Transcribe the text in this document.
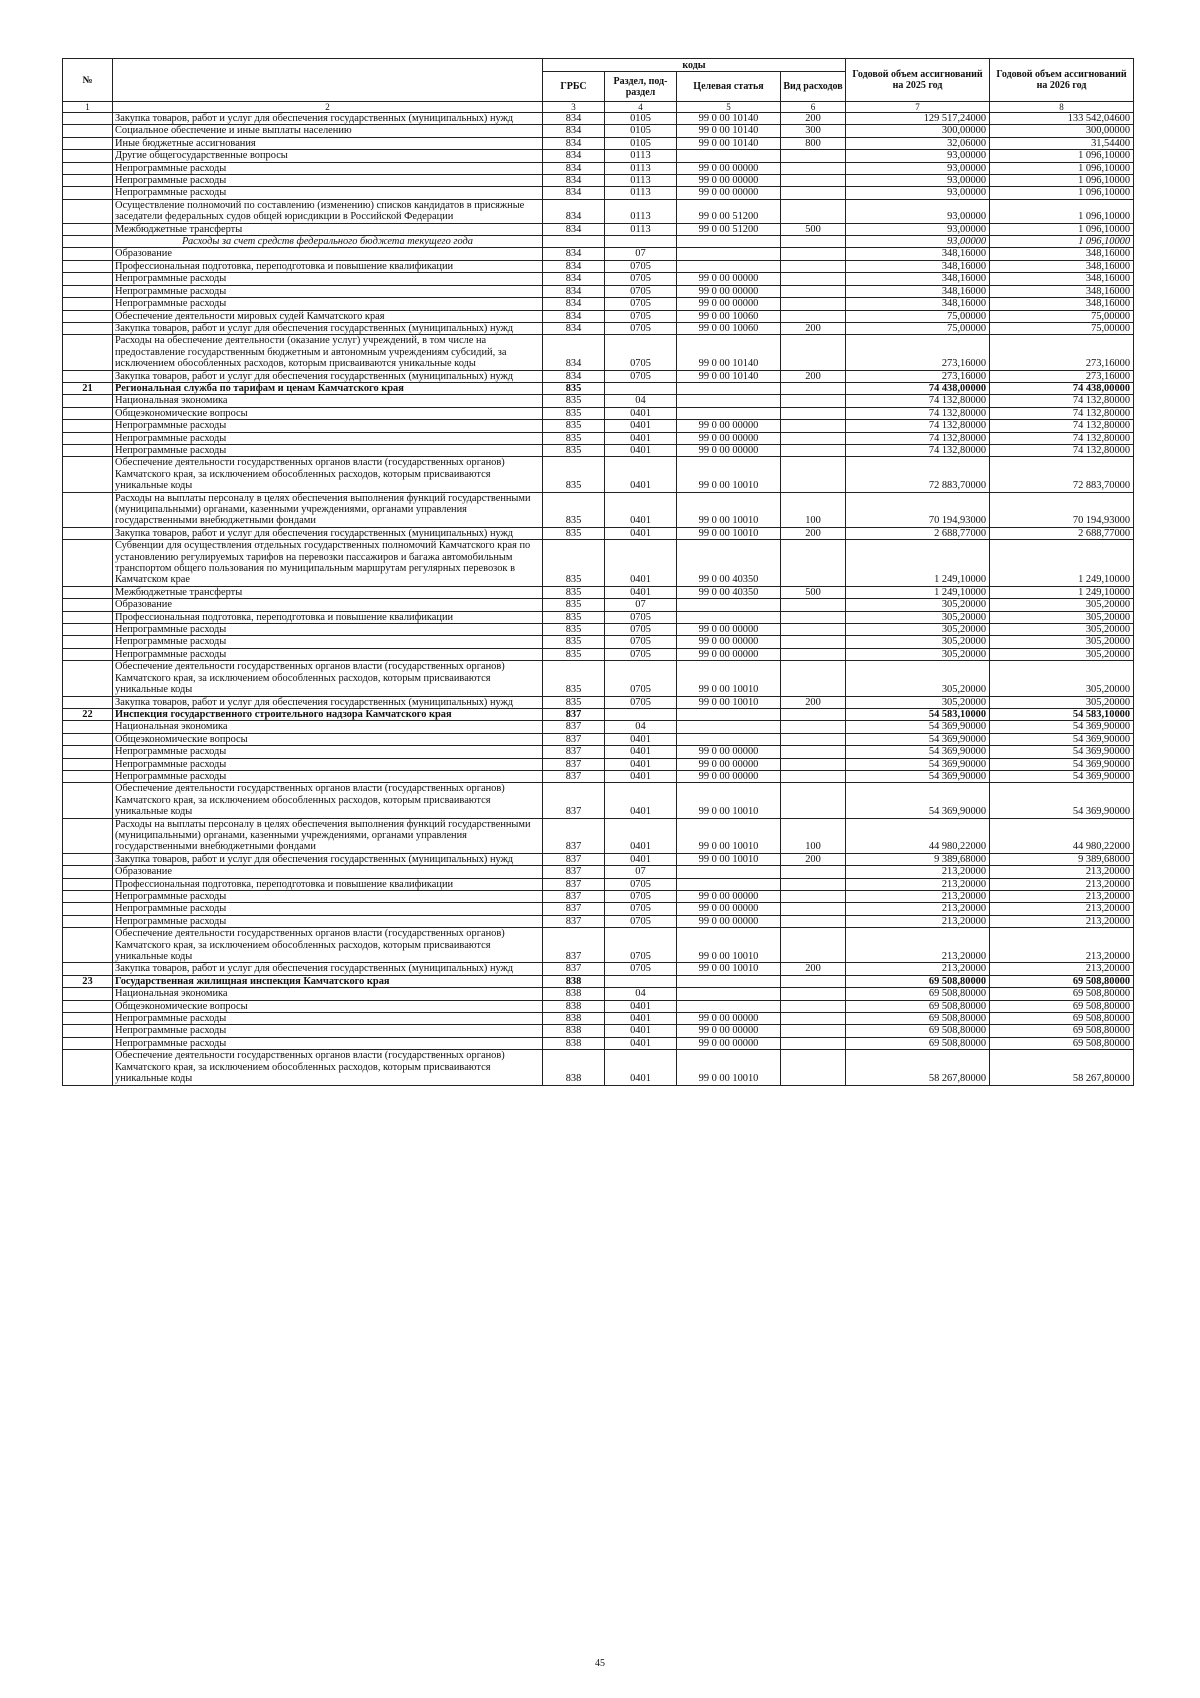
№		коды				Годовой объем ассигнований на 2025 год	Годовой объем ассигнований на 2026 год
		ГРБС	Раздел, под-раздел	Целевая статья	Вид расходов		
1	2	3	4	5	6	7	8
	Закупка товаров, работ и услуг для обеспечения государственных (муниципальных) нужд	834	0105	99 0 00 10140	200	129 517,24000	133 542,04600
	Социальное обеспечение и иные выплаты населению	834	0105	99 0 00 10140	300	300,00000	300,00000
	Иные бюджетные ассигнования	834	0105	99 0 00 10140	800	32,06000	31,54400
	Другие общегосударственные вопросы	834	0113			93,00000	1 096,10000
	Непрограммные расходы	834	0113	99 0 00 00000		93,00000	1 096,10000
	Непрограммные расходы	834	0113	99 0 00 00000		93,00000	1 096,10000
	Непрограммные расходы	834	0113	99 0 00 00000		93,00000	1 096,10000
	Осуществление полномочий по составлению (изменению) списков кандидатов в присяжные заседатели федеральных судов общей юрисдикции в Российской Федерации	834	0113	99 0 00 51200		93,00000	1 096,10000
	Межбюджетные трансферты	834	0113	99 0 00 51200	500	93,00000	1 096,10000
	Расходы за счет средств федерального бюджета текущего года					93,00000	1 096,10000
	Образование	834	07			348,16000	348,16000
	Профессиональная подготовка, переподготовка и повышение квалификации	834	0705			348,16000	348,16000
	Непрограммные расходы	834	0705	99 0 00 00000		348,16000	348,16000
	Непрограммные расходы	834	0705	99 0 00 00000		348,16000	348,16000
	Непрограммные расходы	834	0705	99 0 00 00000		348,16000	348,16000
	Обеспечение деятельности мировых судей Камчатского края	834	0705	99 0 00 10060		75,00000	75,00000
	Закупка товаров, работ и услуг для обеспечения государственных (муниципальных) нужд	834	0705	99 0 00 10060	200	75,00000	75,00000
	Расходы на обеспечение деятельности (оказание услуг) учреждений, в том числе на предоставление государственным бюджетным и автономным учреждениям субсидий, за исключением обособленных расходов, которым присваиваются уникальные коды	834	0705	99 0 00 10140		273,16000	273,16000
	Закупка товаров, работ и услуг для обеспечения государственных (муниципальных) нужд	834	0705	99 0 00 10140	200	273,16000	273,16000
21	Региональная служба по тарифам и ценам Камчатского края	835				74 438,00000	74 438,00000
	Национальная экономика	835	04			74 132,80000	74 132,80000
	Общеэкономические вопросы	835	0401			74 132,80000	74 132,80000
	Непрограммные расходы	835	0401	99 0 00 00000		74 132,80000	74 132,80000
	Непрограммные расходы	835	0401	99 0 00 00000		74 132,80000	74 132,80000
	Непрограммные расходы	835	0401	99 0 00 00000		74 132,80000	74 132,80000
	Обеспечение деятельности государственных органов власти (государственных органов) Камчатского края, за исключением обособленных расходов, которым присваиваются уникальные коды	835	0401	99 0 00 10010		72 883,70000	72 883,70000
	Расходы на выплаты персоналу в целях обеспечения выполнения функций государственными (муниципальными) органами, казенными учреждениями, органами управления государственными внебюджетными фондами	835	0401	99 0 00 10010	100	70 194,93000	70 194,93000
	Закупка товаров, работ и услуг для обеспечения государственных (муниципальных) нужд	835	0401	99 0 00 10010	200	2 688,77000	2 688,77000
	Субвенции для осуществления отдельных государственных полномочий Камчатского края по установлению регулируемых тарифов на перевозки пассажиров и багажа автомобильным транспортом общего пользования по муниципальным маршрутам регулярных перевозок в Камчатском крае	835	0401	99 0 00 40350		1 249,10000	1 249,10000
	Межбюджетные трансферты	835	0401	99 0 00 40350	500	1 249,10000	1 249,10000
	Образование	835	07			305,20000	305,20000
	Профессиональная подготовка, переподготовка и повышение квалификации	835	0705			305,20000	305,20000
	Непрограммные расходы	835	0705	99 0 00 00000		305,20000	305,20000
	Непрограммные расходы	835	0705	99 0 00 00000		305,20000	305,20000
	Непрограммные расходы	835	0705	99 0 00 00000		305,20000	305,20000
	Обеспечение деятельности государственных органов власти (государственных органов) Камчатского края, за исключением обособленных расходов, которым присваиваются уникальные коды	835	0705	99 0 00 10010		305,20000	305,20000
	Закупка товаров, работ и услуг для обеспечения государственных (муниципальных) нужд	835	0705	99 0 00 10010	200	305,20000	305,20000
22	Инспекция государственного строительного надзора Камчатского края	837				54 583,10000	54 583,10000
	Национальная экономика	837	04			54 369,90000	54 369,90000
	Общеэкономические вопросы	837	0401			54 369,90000	54 369,90000
	Непрограммные расходы	837	0401	99 0 00 00000		54 369,90000	54 369,90000
	Непрограммные расходы	837	0401	99 0 00 00000		54 369,90000	54 369,90000
	Непрограммные расходы	837	0401	99 0 00 00000		54 369,90000	54 369,90000
	Обеспечение деятельности государственных органов власти (государственных органов) Камчатского края, за исключением обособленных расходов, которым присваиваются уникальные коды	837	0401	99 0 00 10010		54 369,90000	54 369,90000
	Расходы на выплаты персоналу в целях обеспечения выполнения функций государственными (муниципальными) органами, казенными учреждениями, органами управления государственными внебюджетными фондами	837	0401	99 0 00 10010	100	44 980,22000	44 980,22000
	Закупка товаров, работ и услуг для обеспечения государственных (муниципальных) нужд	837	0401	99 0 00 10010	200	9 389,68000	9 389,68000
	Образование	837	07			213,20000	213,20000
	Профессиональная подготовка, переподготовка и повышение квалификации	837	0705			213,20000	213,20000
	Непрограммные расходы	837	0705	99 0 00 00000		213,20000	213,20000
	Непрограммные расходы	837	0705	99 0 00 00000		213,20000	213,20000
	Непрограммные расходы	837	0705	99 0 00 00000		213,20000	213,20000
	Обеспечение деятельности государственных органов власти (государственных органов) Камчатского края, за исключением обособленных расходов, которым присваиваются уникальные коды	837	0705	99 0 00 10010		213,20000	213,20000
	Закупка товаров, работ и услуг для обеспечения государственных (муниципальных) нужд	837	0705	99 0 00 10010	200	213,20000	213,20000
23	Государственная жилищная инспекция Камчатского края	838				69 508,80000	69 508,80000
	Национальная экономика	838	04			69 508,80000	69 508,80000
	Общеэкономические вопросы	838	0401			69 508,80000	69 508,80000
	Непрограммные расходы	838	0401	99 0 00 00000		69 508,80000	69 508,80000
	Непрограммные расходы	838	0401	99 0 00 00000		69 508,80000	69 508,80000
	Непрограммные расходы	838	0401	99 0 00 00000		69 508,80000	69 508,80000
	Обеспечение деятельности государственных органов власти (государственных органов) Камчатского края, за исключением обособленных расходов, которым присваиваются уникальные коды	838	0401	99 0 00 10010		58 267,80000	58 267,80000
45
